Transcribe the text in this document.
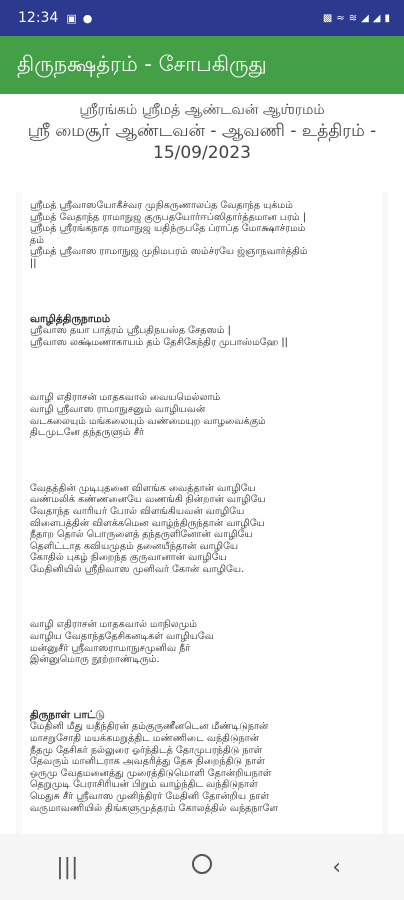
12:34 ▣ ●	▩ ≈ ≋ ◢ ◢ ▮
திருநக்ஷத்ரம் - சோபகிருது
ஸ்ரீரங்கம் ஸ்ரீமத் ஆண்டவன் ஆஶ்ரமம்
ஸ்ரீ மைசூர் ஆண்டவன் - ஆவணி - உத்திரம் - 15/09/2023
ஸ்ரீமத் ஸ்ரீவாஸயோகீச்வர முநிகருணாலப்த வேதாந்த யுக்மம்
ஸ்ரீமத் வேதாந்த ராமாநுஜ குருபதயோர்ஈப்ஸிதார்த்தமான பரம் |
ஸ்ரீமத் ஸ்ரீரங்கநாத ராமாநுஜ யதிந்ருபதே ப்ராப்த மோக்ஷாச்ரமம்
தம்
ஸ்ரீமத் ஸ்ரீவாஸ ராமாநுஜ முநிமபரம் ஸம்ச்ரயே ஜ்ஞாநவார்த்திம்
||
வாழித்திருநாமம்
ஸ்ரீவாஸ தயா பாத்ரம் ஸ்ரீபதிநயஸ்த சேதஸம் |
ஸ்ரீவாஸ லக்ஷ்மணாகாயம் தம் தேசிகேந்திர முபாஸ்மஹே ||
வாழி எதிராசன் மாதகவால் வையமெல்லாம்
வாழி ஸ்ரீவாஸ ராமாநுசனும் வாழியவன்
வடகலையும் மங்கலையும் வண்மையுற வாழவைக்கும்
திடமுடனே தந்தருளும் சீர்
வேதத்தின் முடிபுதனை விளங்க வைத்தான் வாழியே
வண்மலிக் கண்ணனையே வணங்கி நின்றான் வாழியே
வேதாந்த வாரியர் போல் விளங்கியவன் வாழியே
விளைபத்தின் விளக்கமென வாழ்ந்திருந்தான் வாழியே
நீதாற தொல் பொருளைத் தந்தருளினோன் வாழியே
தெளிட்டாத கவியமுதம் தனையீந்தான் வாழியே
கோதில் புகழ் நிறைந்த குருவானான் வாழியே
மேதினியில் ஸ்ரீநிவாஸ முனிவர் கோன் வாழியே.
வாழி எதிராசன் மாதகவால் மாநிலமும்
வாழிய வேதாந்ததேசிகனடிகள் வாழியவே
மன்னுசீர் ஸ்ரீவாஸராமாநுசமுனிவ நீர்
இன்னுமொரு நூற்றாண்டிரும்.
திருநாள் பாட்டு
மேதினி மீது யதீந்திரன் தம்குருணீனடென மீண்டிடுநான்
மாசறுசோதி மயக்கமறுத்திட மண்ணிடை வந்திடுநான்
நீதமு தேசிகர் நல்லுரை ஓர்ந்திடத் தோமுபரந்திடு நாள்
தேவரும் மானிடராக அவதரித்து தேசு நிறைந்திடு நாள்
ஒருமு வேதமனைத்து முரைத்திடுமொளி தோன்றியநாள்
தெறுமுடி பேராசிரியன் பிறும் வாழ்ந்திட வந்திடுநாள்
மெதுசு சீர் ஸ்ரீவாஸ முனிந்திரர் மேதினி தோன்றிய நாள்
வருமாவணியில் திங்களுமுத்தரம் கோலத்தில் வந்தநாளே
|||	‹
